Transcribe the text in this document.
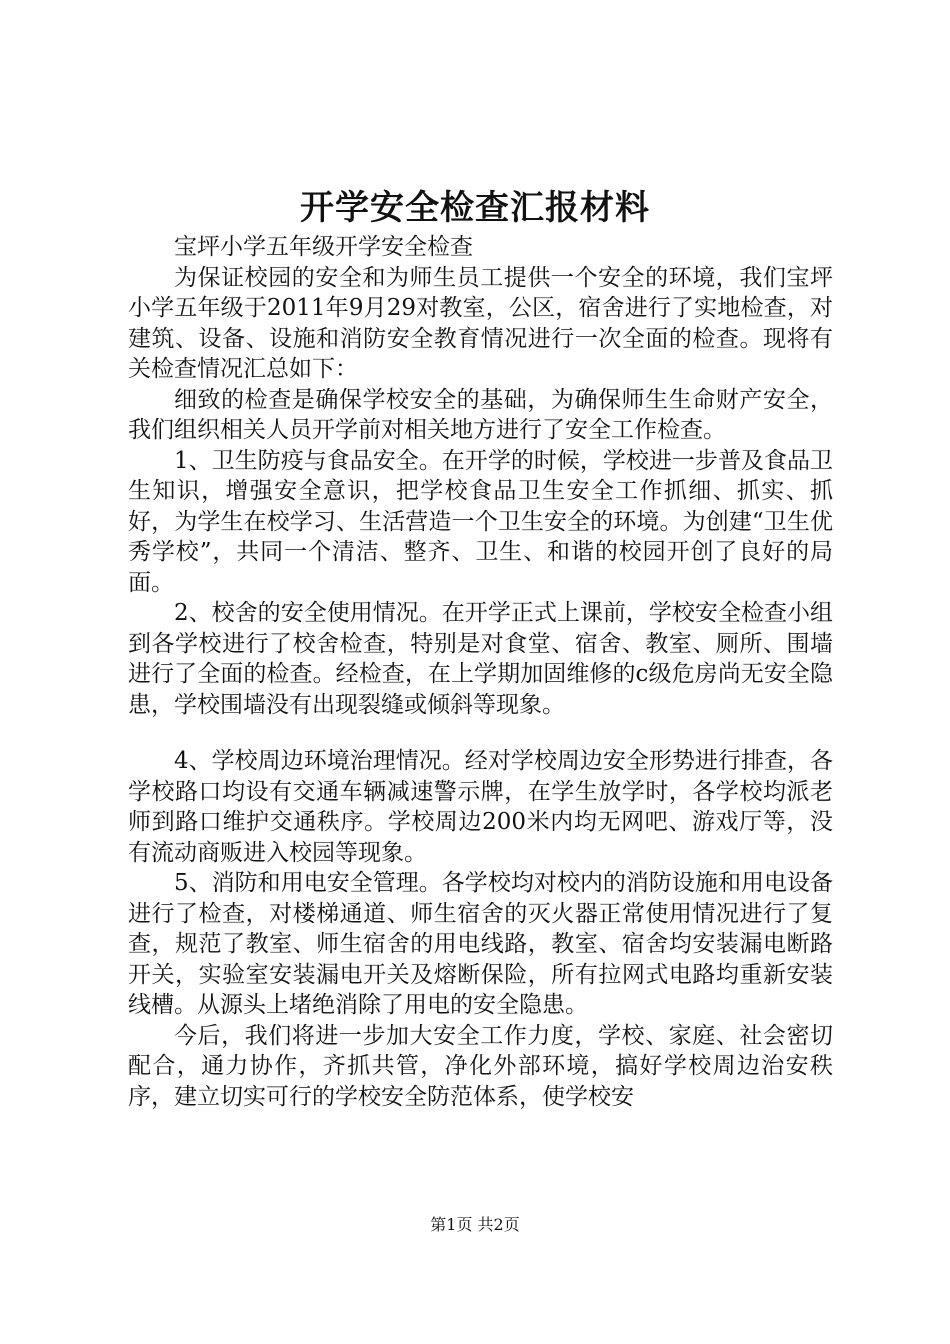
开学安全检查汇报材料

宝坪小学五年级开学安全检查

为保证校园的安全和为师生员工提供一个安全的环境，我们宝坪小学五年级于2011年9月29对教室，公区，宿舍进行了实地检查，对建筑、设备、设施和消防安全教育情况进行一次全面的检查。现将有关检查情况汇总如下：

细致的检查是确保学校安全的基础，为确保师生生命财产安全，我们组织相关人员开学前对相关地方进行了安全工作检查。

1、卫生防疫与食品安全。在开学的时候，学校进一步普及食品卫生知识，增强安全意识，把学校食品卫生安全工作抓细、抓实、抓好，为学生在校学习、生活营造一个卫生安全的环境。为创建“卫生优秀学校”，共同一个清洁、整齐、卫生、和谐的校园开创了良好的局面。

2、校舍的安全使用情况。在开学正式上课前，学校安全检查小组到各学校进行了校舍检查，特别是对食堂、宿舍、教室、厕所、围墙进行了全面的检查。经检查，在上学期加固维修的c级危房尚无安全隐患，学校围墙没有出现裂缝或倾斜等现象。

4、学校周边环境治理情况。经对学校周边安全形势进行排查，各学校路口均设有交通车辆减速警示牌，在学生放学时，各学校均派老师到路口维护交通秩序。学校周边200米内均无网吧、游戏厅等，没有流动商贩进入校园等现象。

5、消防和用电安全管理。各学校均对校内的消防设施和用电设备进行了检查，对楼梯通道、师生宿舍的灭火器正常使用情况进行了复查，规范了教室、师生宿舍的用电线路，教室、宿舍均安装漏电断路开关，实验室安装漏电开关及熔断保险，所有拉网式电路均重新安装线槽。从源头上堵绝消除了用电的安全隐患。

今后，我们将进一步加大安全工作力度，学校、家庭、社会密切配合，通力协作，齐抓共管，净化外部环境，搞好学校周边治安秩序，建立切实可行的学校安全防范体系，使学校安

第1页 共2页
